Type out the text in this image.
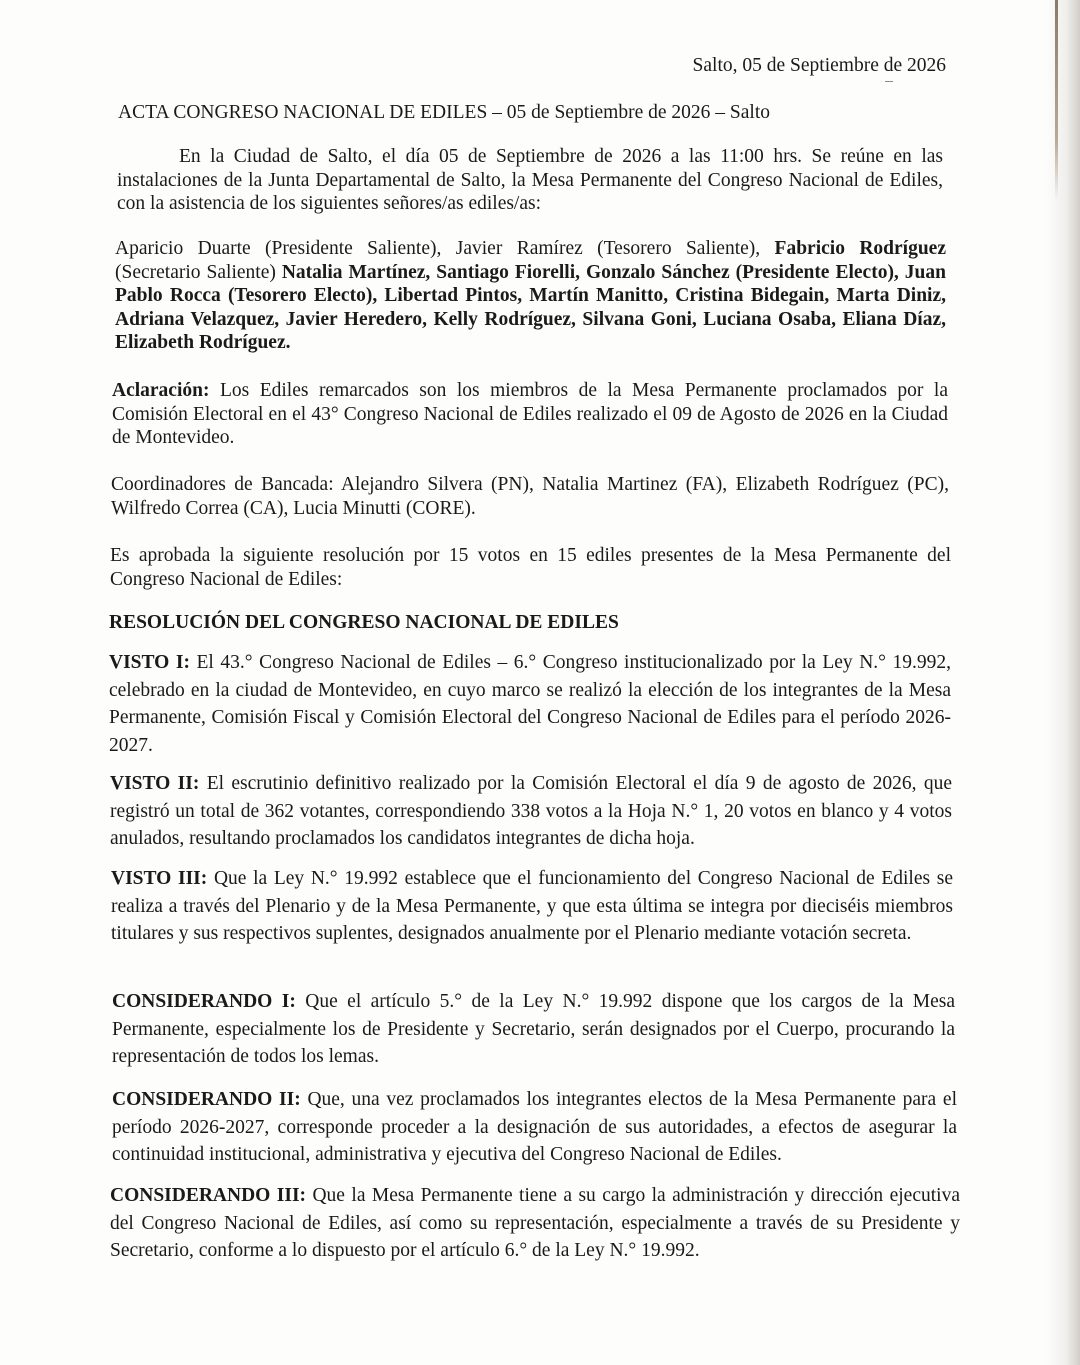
Salto, 05 de Septiembre de 2026
ACTA CONGRESO NACIONAL DE EDILES – 05 de Septiembre de 2026 – Salto
En la Ciudad de Salto, el día 05 de Septiembre de 2026 a las 11:00 hrs. Se reúne en las instalaciones de la Junta Departamental de Salto, la Mesa Permanente del Congreso Nacional de Ediles, con la asistencia de los siguientes señores/as ediles/as:
Aparicio Duarte (Presidente Saliente), Javier Ramírez (Tesorero Saliente), Fabricio Rodríguez (Secretario Saliente) Natalia Martínez, Santiago Fiorelli, Gonzalo Sánchez (Presidente Electo), Juan Pablo Rocca (Tesorero Electo), Libertad Pintos, Martín Manitto, Cristina Bidegain, Marta Diniz, Adriana Velazquez, Javier Heredero, Kelly Rodríguez, Silvana Goni, Luciana Osaba, Eliana Díaz, Elizabeth Rodríguez.
Aclaración: Los Ediles remarcados son los miembros de la Mesa Permanente proclamados por la Comisión Electoral en el 43° Congreso Nacional de Ediles realizado el 09 de Agosto de 2026 en la Ciudad de Montevideo.
Coordinadores de Bancada: Alejandro Silvera (PN), Natalia Martinez (FA), Elizabeth Rodríguez (PC), Wilfredo Correa (CA), Lucia Minutti (CORE).
Es aprobada la siguiente resolución por 15 votos en 15 ediles presentes de la Mesa Permanente del Congreso Nacional de Ediles:
RESOLUCIÓN DEL CONGRESO NACIONAL DE EDILES
VISTO I: El 43.° Congreso Nacional de Ediles – 6.° Congreso institucionalizado por la Ley N.° 19.992, celebrado en la ciudad de Montevideo, en cuyo marco se realizó la elección de los integrantes de la Mesa Permanente, Comisión Fiscal y Comisión Electoral del Congreso Nacional de Ediles para el período 2026-2027.
VISTO II: El escrutinio definitivo realizado por la Comisión Electoral el día 9 de agosto de 2026, que registró un total de 362 votantes, correspondiendo 338 votos a la Hoja N.° 1, 20 votos en blanco y 4 votos anulados, resultando proclamados los candidatos integrantes de dicha hoja.
VISTO III: Que la Ley N.° 19.992 establece que el funcionamiento del Congreso Nacional de Ediles se realiza a través del Plenario y de la Mesa Permanente, y que esta última se integra por dieciséis miembros titulares y sus respectivos suplentes, designados anualmente por el Plenario mediante votación secreta.
CONSIDERANDO I: Que el artículo 5.° de la Ley N.° 19.992 dispone que los cargos de la Mesa Permanente, especialmente los de Presidente y Secretario, serán designados por el Cuerpo, procurando la representación de todos los lemas.
CONSIDERANDO II: Que, una vez proclamados los integrantes electos de la Mesa Permanente para el período 2026-2027, corresponde proceder a la designación de sus autoridades, a efectos de asegurar la continuidad institucional, administrativa y ejecutiva del Congreso Nacional de Ediles.
CONSIDERANDO III: Que la Mesa Permanente tiene a su cargo la administración y dirección ejecutiva del Congreso Nacional de Ediles, así como su representación, especialmente a través de su Presidente y Secretario, conforme a lo dispuesto por el artículo 6.° de la Ley N.° 19.992.
